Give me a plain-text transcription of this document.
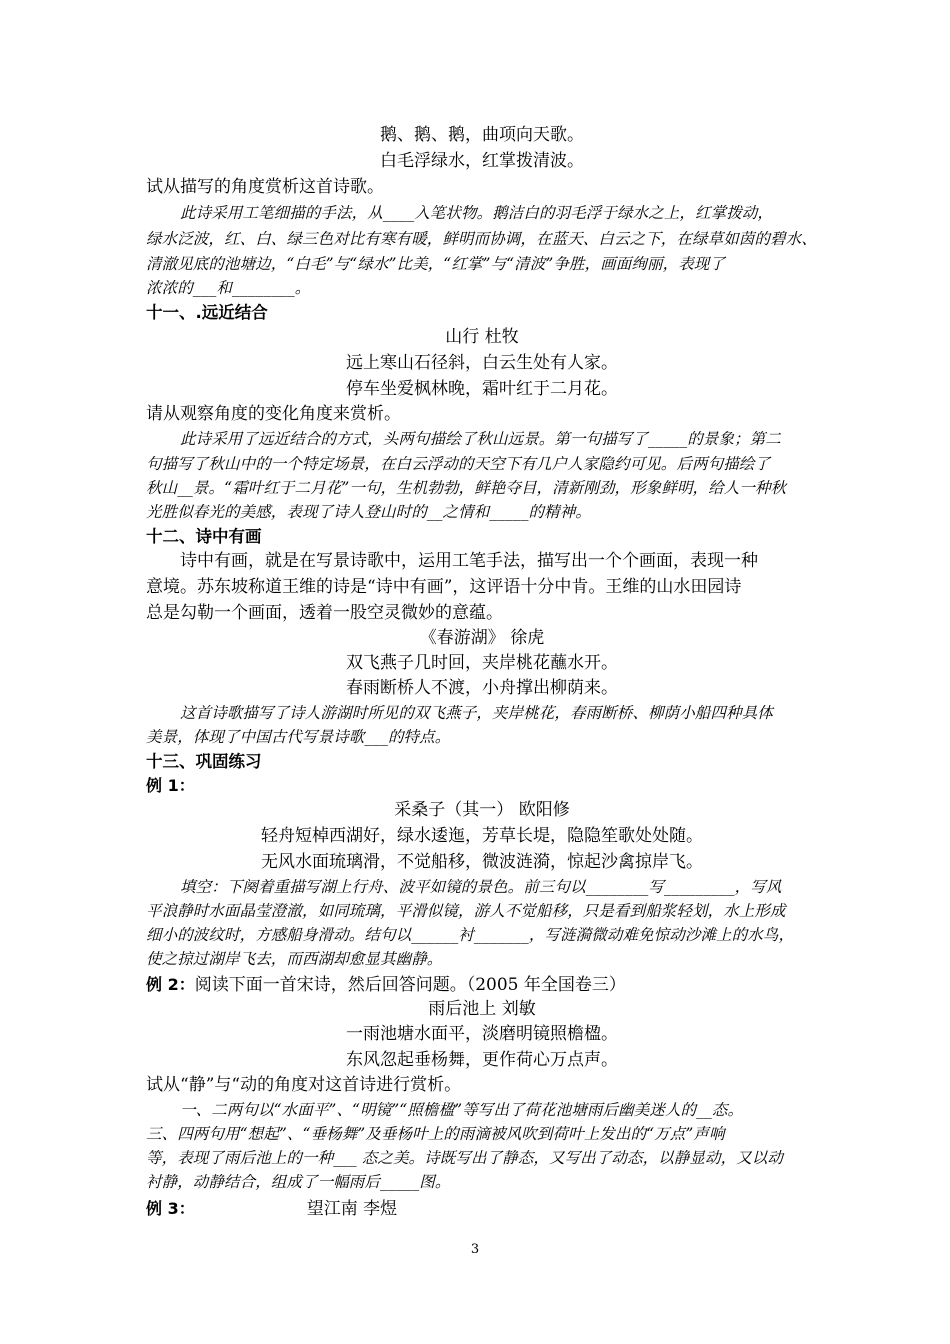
鹅、鹅、鹅，曲项向天歌。
白毛浮绿水，红掌拨清波。
试从描写的角度赏析这首诗歌。
此诗采用工笔细描的手法，从____入笔状物。鹅洁白的羽毛浮于绿水之上，红掌拨动，
绿水泛波，红、白、绿三色对比有寒有暖，鲜明而协调，在蓝天、白云之下，在绿草如茵的碧水、
清澈见底的池塘边，“白毛”与“绿水”比美，“红掌”与“清波”争胜，画面绚丽，表现了
浓浓的___和________。
十一、.远近结合
山行 杜牧
远上寒山石径斜，白云生处有人家。
停车坐爱枫林晚，霜叶红于二月花。
请从观察角度的变化角度来赏析。
此诗采用了远近结合的方式，头两句描绘了秋山远景。第一句描写了_____的景象；第二
句描写了秋山中的一个特定场景，在白云浮动的天空下有几户人家隐约可见。后两句描绘了
秋山__景。“霜叶红于二月花”一句，生机勃勃，鲜艳夺目，清新刚劲，形象鲜明，给人一种秋
光胜似春光的美感，表现了诗人登山时的__之情和_____的精神。
十二、诗中有画
诗中有画，就是在写景诗歌中，运用工笔手法，描写出一个个画面，表现一种
意境。苏东坡称道王维的诗是“诗中有画”，这评语十分中肯。王维的山水田园诗
总是勾勒一个画面，透着一股空灵微妙的意蕴。
《春游湖》 徐虎
双飞燕子几时回，夹岸桃花蘸水开。
春雨断桥人不渡，小舟撑出柳荫来。
这首诗歌描写了诗人游湖时所见的双飞燕子，夹岸桃花，春雨断桥、柳荫小船四种具体
美景，体现了中国古代写景诗歌___的特点。
十三、巩固练习
例 1：
采桑子（其一） 欧阳修
轻舟短棹西湖好，绿水逶迤，芳草长堤，隐隐笙歌处处随。
无风水面琉璃滑，不觉船移，微波涟漪，惊起沙禽掠岸飞。
填空：下阕着重描写湖上行舟、波平如镜的景色。前三句以________写_________，写风
平浪静时水面晶莹澄澈，如同琉璃，平滑似镜，游人不觉船移，只是看到船浆轻划，水上形成
细小的波纹时，方感船身滑动。结句以______衬_______，写涟漪微动难免惊动沙滩上的水鸟，
使之掠过湖岸飞去，而西湖却愈显其幽静。
例 2：阅读下面一首宋诗，然后回答问题。（2005 年全国卷三）
雨后池上 刘敏
一雨池塘水面平，淡磨明镜照檐楹。
东风忽起垂杨舞，更作荷心万点声。
试从“静”与“动的角度对这首诗进行赏析。
一、二两句以“水面平”、“明镜”“照檐楹”等写出了荷花池塘雨后幽美迷人的__态。
三、四两句用“想起”、“垂杨舞”及垂杨叶上的雨滴被风吹到荷叶上发出的“万点”声响
等，表现了雨后池上的一种___ 态之美。诗既写出了静态，又写出了动态，以静显动，又以动
衬静，动静结合，组成了一幅雨后_____图。
例 3：	望江南 李煜
3
